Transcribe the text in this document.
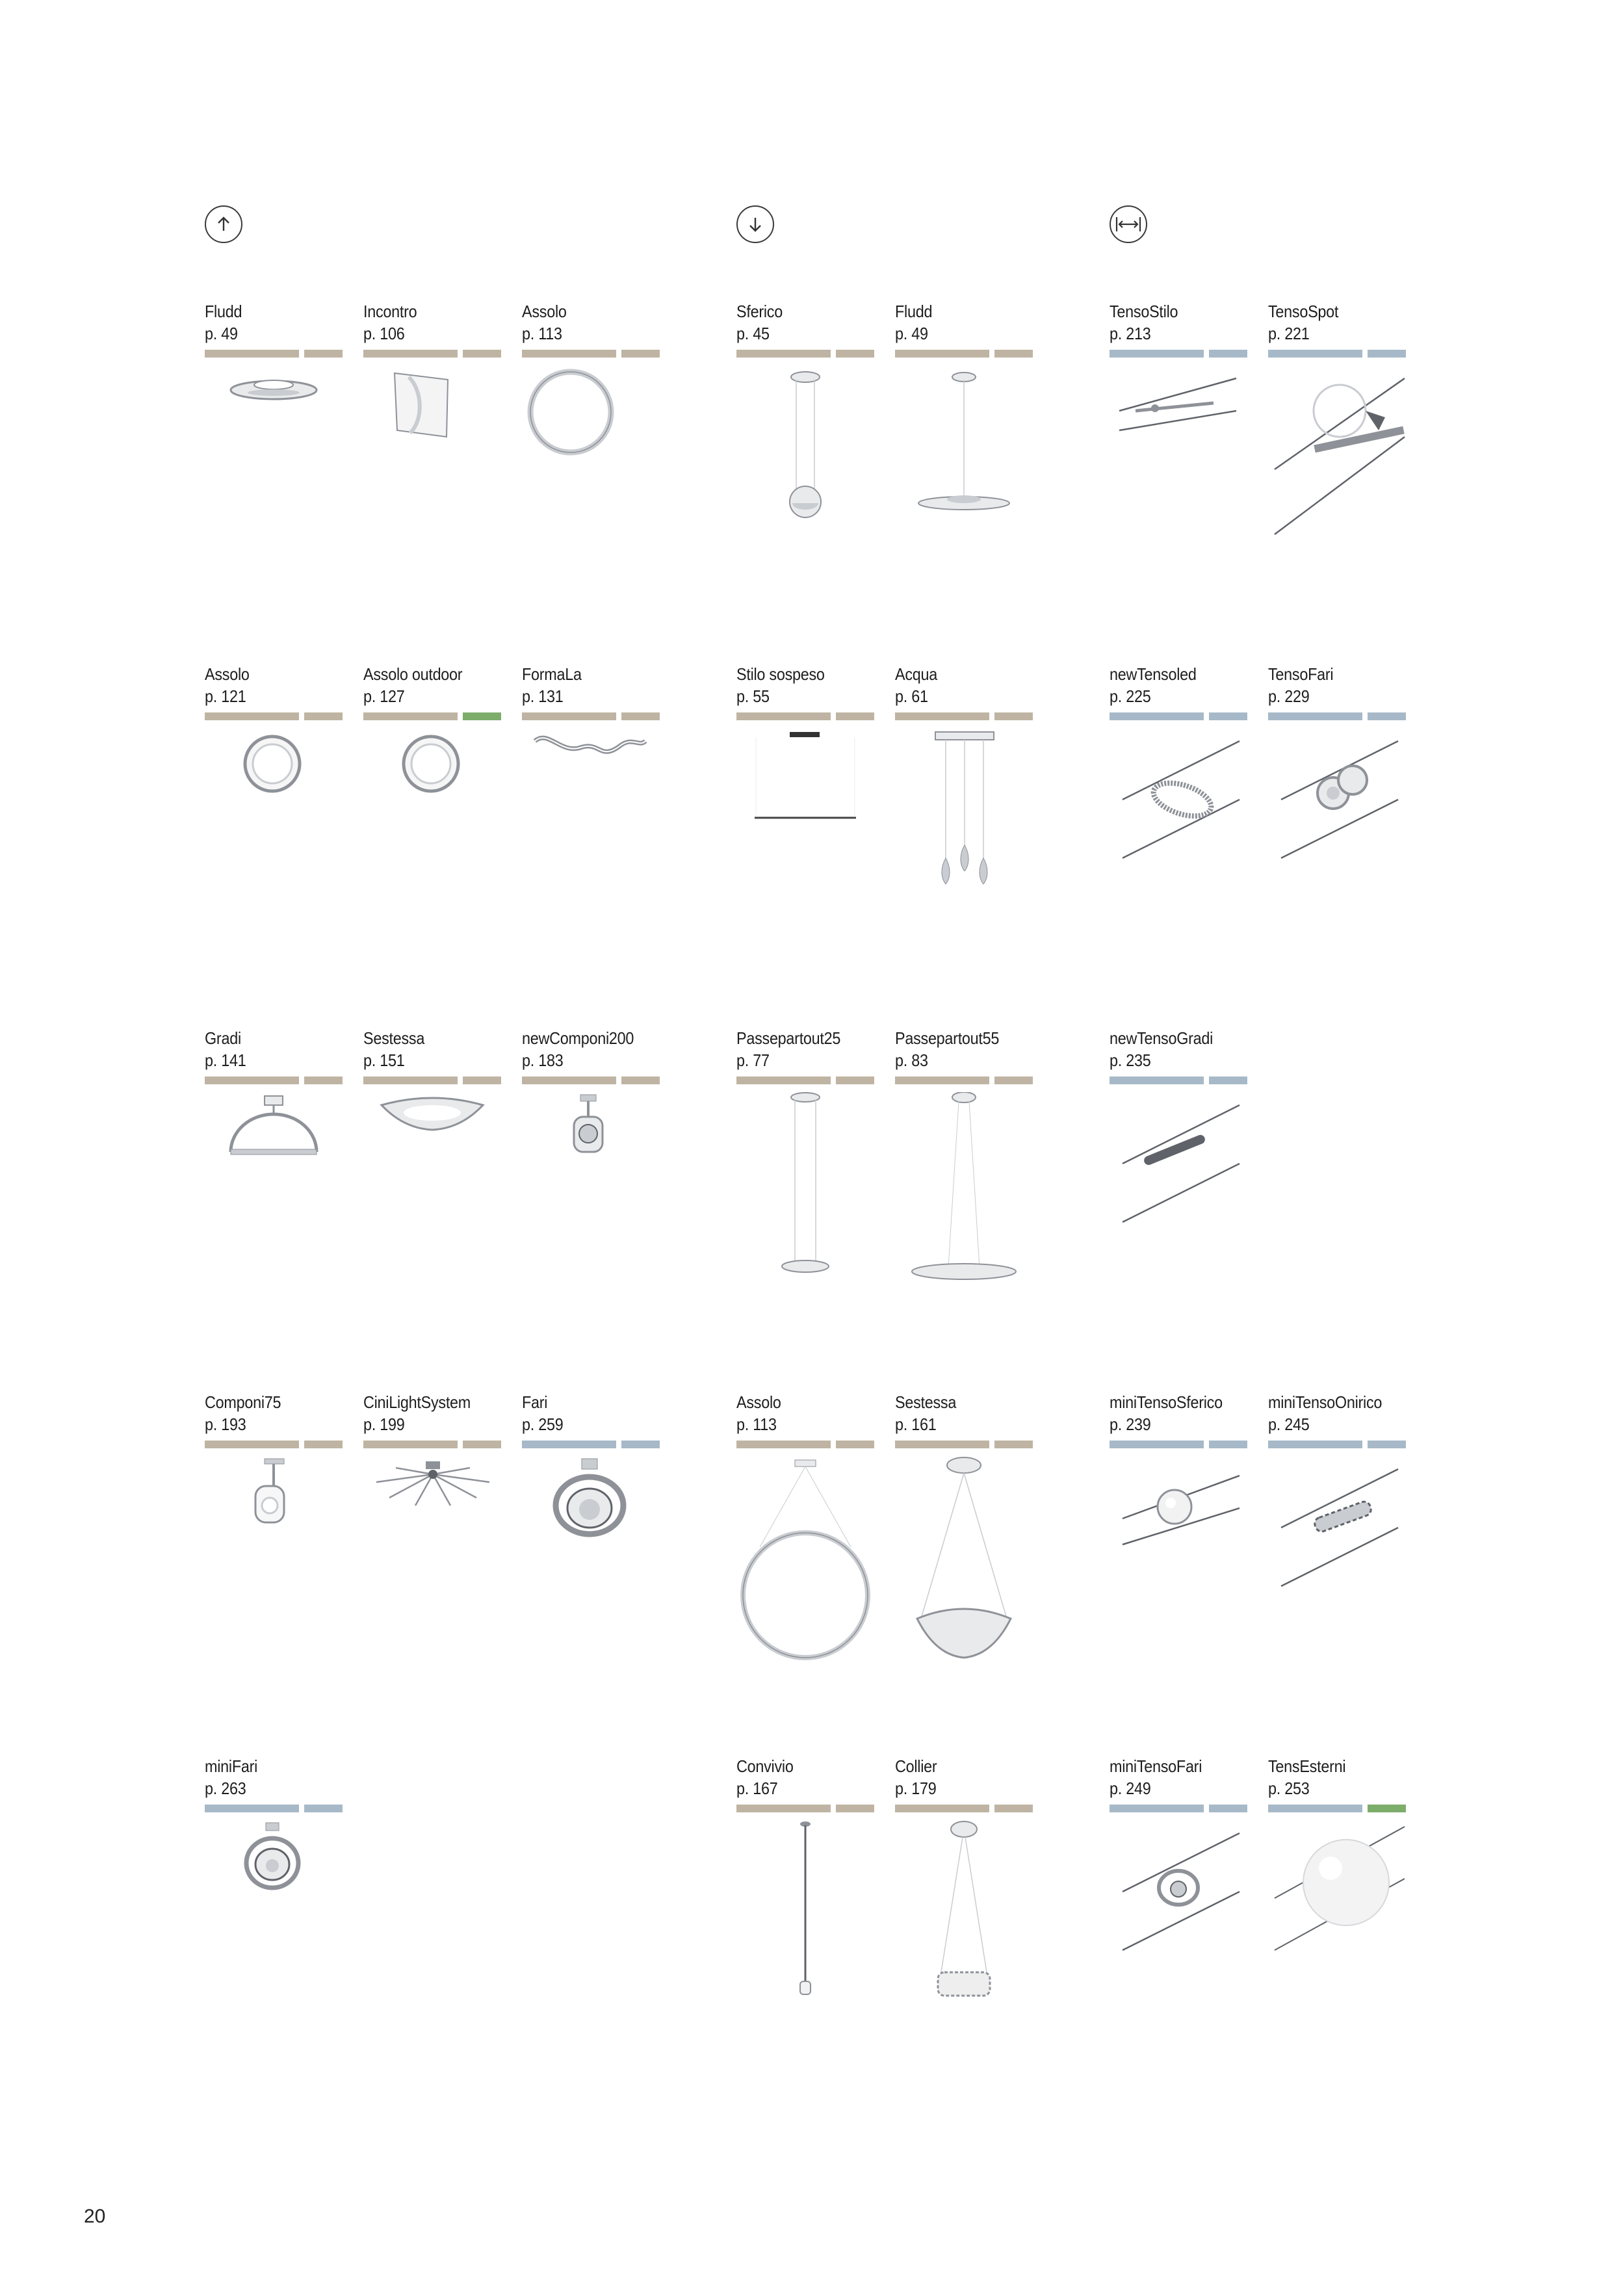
Fludd
p. 49
Incontro
p. 106
Assolo
p. 113
Sferico
p. 45
Fludd
p. 49
TensoStilo
p. 213
TensoSpot
p. 221
Assolo
p. 121
Assolo outdoor
p. 127
FormaLa
p. 131
Stilo sospeso
p. 55
Acqua
p. 61
newTensoled
p. 225
TensoFari
p. 229
Gradi
p. 141
Sestessa
p. 151
newComponi200
p. 183
Passepartout25
p. 77
Passepartout55
p. 83
newTensoGradi
p. 235
Componi75
p. 193
CiniLightSystem
p. 199
Fari
p. 259
Assolo
p. 113
Sestessa
p. 161
miniTensoSferico
p. 239
miniTensoOnirico
p. 245
miniFari
p. 263
Convivio
p. 167
Collier
p. 179
miniTensoFari
p. 249
TensEsterni
p. 253
20
